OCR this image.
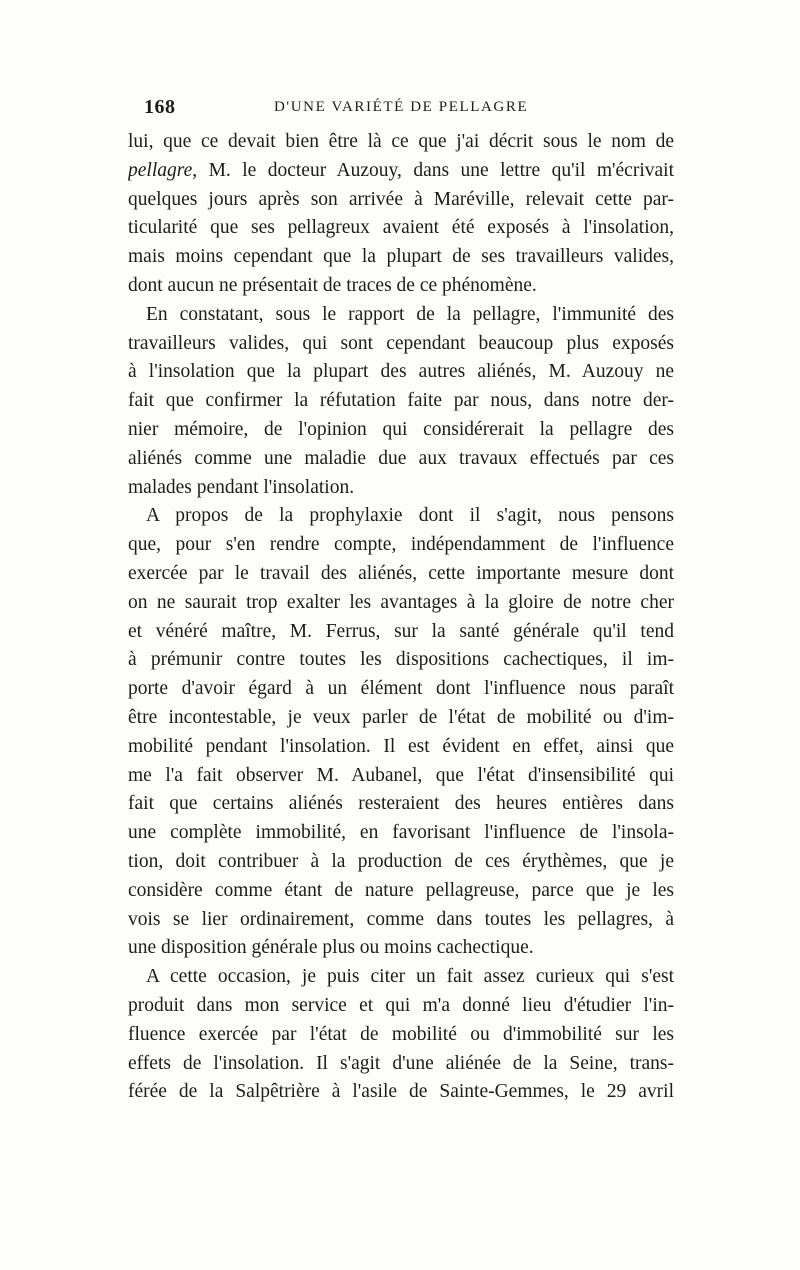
168	D'UNE VARIÉTÉ DE PELLAGRE
lui, que ce devait bien être là ce que j'ai décrit sous le nom de
pellagre, M. le docteur Auzouy, dans une lettre qu'il m'écrivait
quelques jours après son arrivée à Maréville, relevait cette par-
ticularité que ses pellagreux avaient été exposés à l'insolation,
mais moins cependant que la plupart de ses travailleurs valides,
dont aucun ne présentait de traces de ce phénomène.
En constatant, sous le rapport de la pellagre, l'immunité des
travailleurs valides, qui sont cependant beaucoup plus exposés
à l'insolation que la plupart des autres aliénés, M. Auzouy ne
fait que confirmer la réfutation faite par nous, dans notre der-
nier mémoire, de l'opinion qui considérerait la pellagre des
aliénés comme une maladie due aux travaux effectués par ces
malades pendant l'insolation.
A propos de la prophylaxie dont il s'agit, nous pensons
que, pour s'en rendre compte, indépendamment de l'influence
exercée par le travail des aliénés, cette importante mesure dont
on ne saurait trop exalter les avantages à la gloire de notre cher
et vénéré maître, M. Ferrus, sur la santé générale qu'il tend
à prémunir contre toutes les dispositions cachectiques, il im-
porte d'avoir égard à un élément dont l'influence nous paraît
être incontestable, je veux parler de l'état de mobilité ou d'im-
mobilité pendant l'insolation. Il est évident en effet, ainsi que
me l'a fait observer M. Aubanel, que l'état d'insensibilité qui
fait que certains aliénés resteraient des heures entières dans
une complète immobilité, en favorisant l'influence de l'insola-
tion, doit contribuer à la production de ces érythèmes, que je
considère comme étant de nature pellagreuse, parce que je les
vois se lier ordinairement, comme dans toutes les pellagres, à
une disposition générale plus ou moins cachectique.
A cette occasion, je puis citer un fait assez curieux qui s'est
produit dans mon service et qui m'a donné lieu d'étudier l'in-
fluence exercée par l'état de mobilité ou d'immobilité sur les
effets de l'insolation. Il s'agit d'une aliénée de la Seine, trans-
férée de la Salpêtrière à l'asile de Sainte-Gemmes, le 29 avril
